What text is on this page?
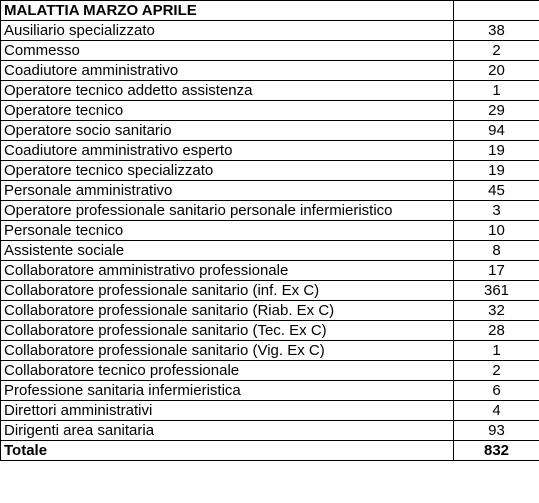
MALATTIA MARZO APRILE	
Ausiliario specializzato	38
Commesso	2
Coadiutore amministrativo	20
Operatore tecnico addetto assistenza	1
Operatore tecnico	29
Operatore socio sanitario	94
Coadiutore amministrativo esperto	19
Operatore tecnico specializzato	19
Personale amministrativo	45
Operatore professionale sanitario personale infermieristico	3
Personale tecnico	10
Assistente sociale	8
Collaboratore amministrativo professionale	17
Collaboratore professionale sanitario (inf. Ex C)	361
Collaboratore professionale sanitario (Riab. Ex C)	32
Collaboratore professionale sanitario (Tec. Ex C)	28
Collaboratore professionale sanitario (Vig. Ex C)	1
Collaboratore tecnico professionale	2
Professione sanitaria infermieristica	6
Direttori amministrativi	4
Dirigenti area sanitaria	93
Totale	832
